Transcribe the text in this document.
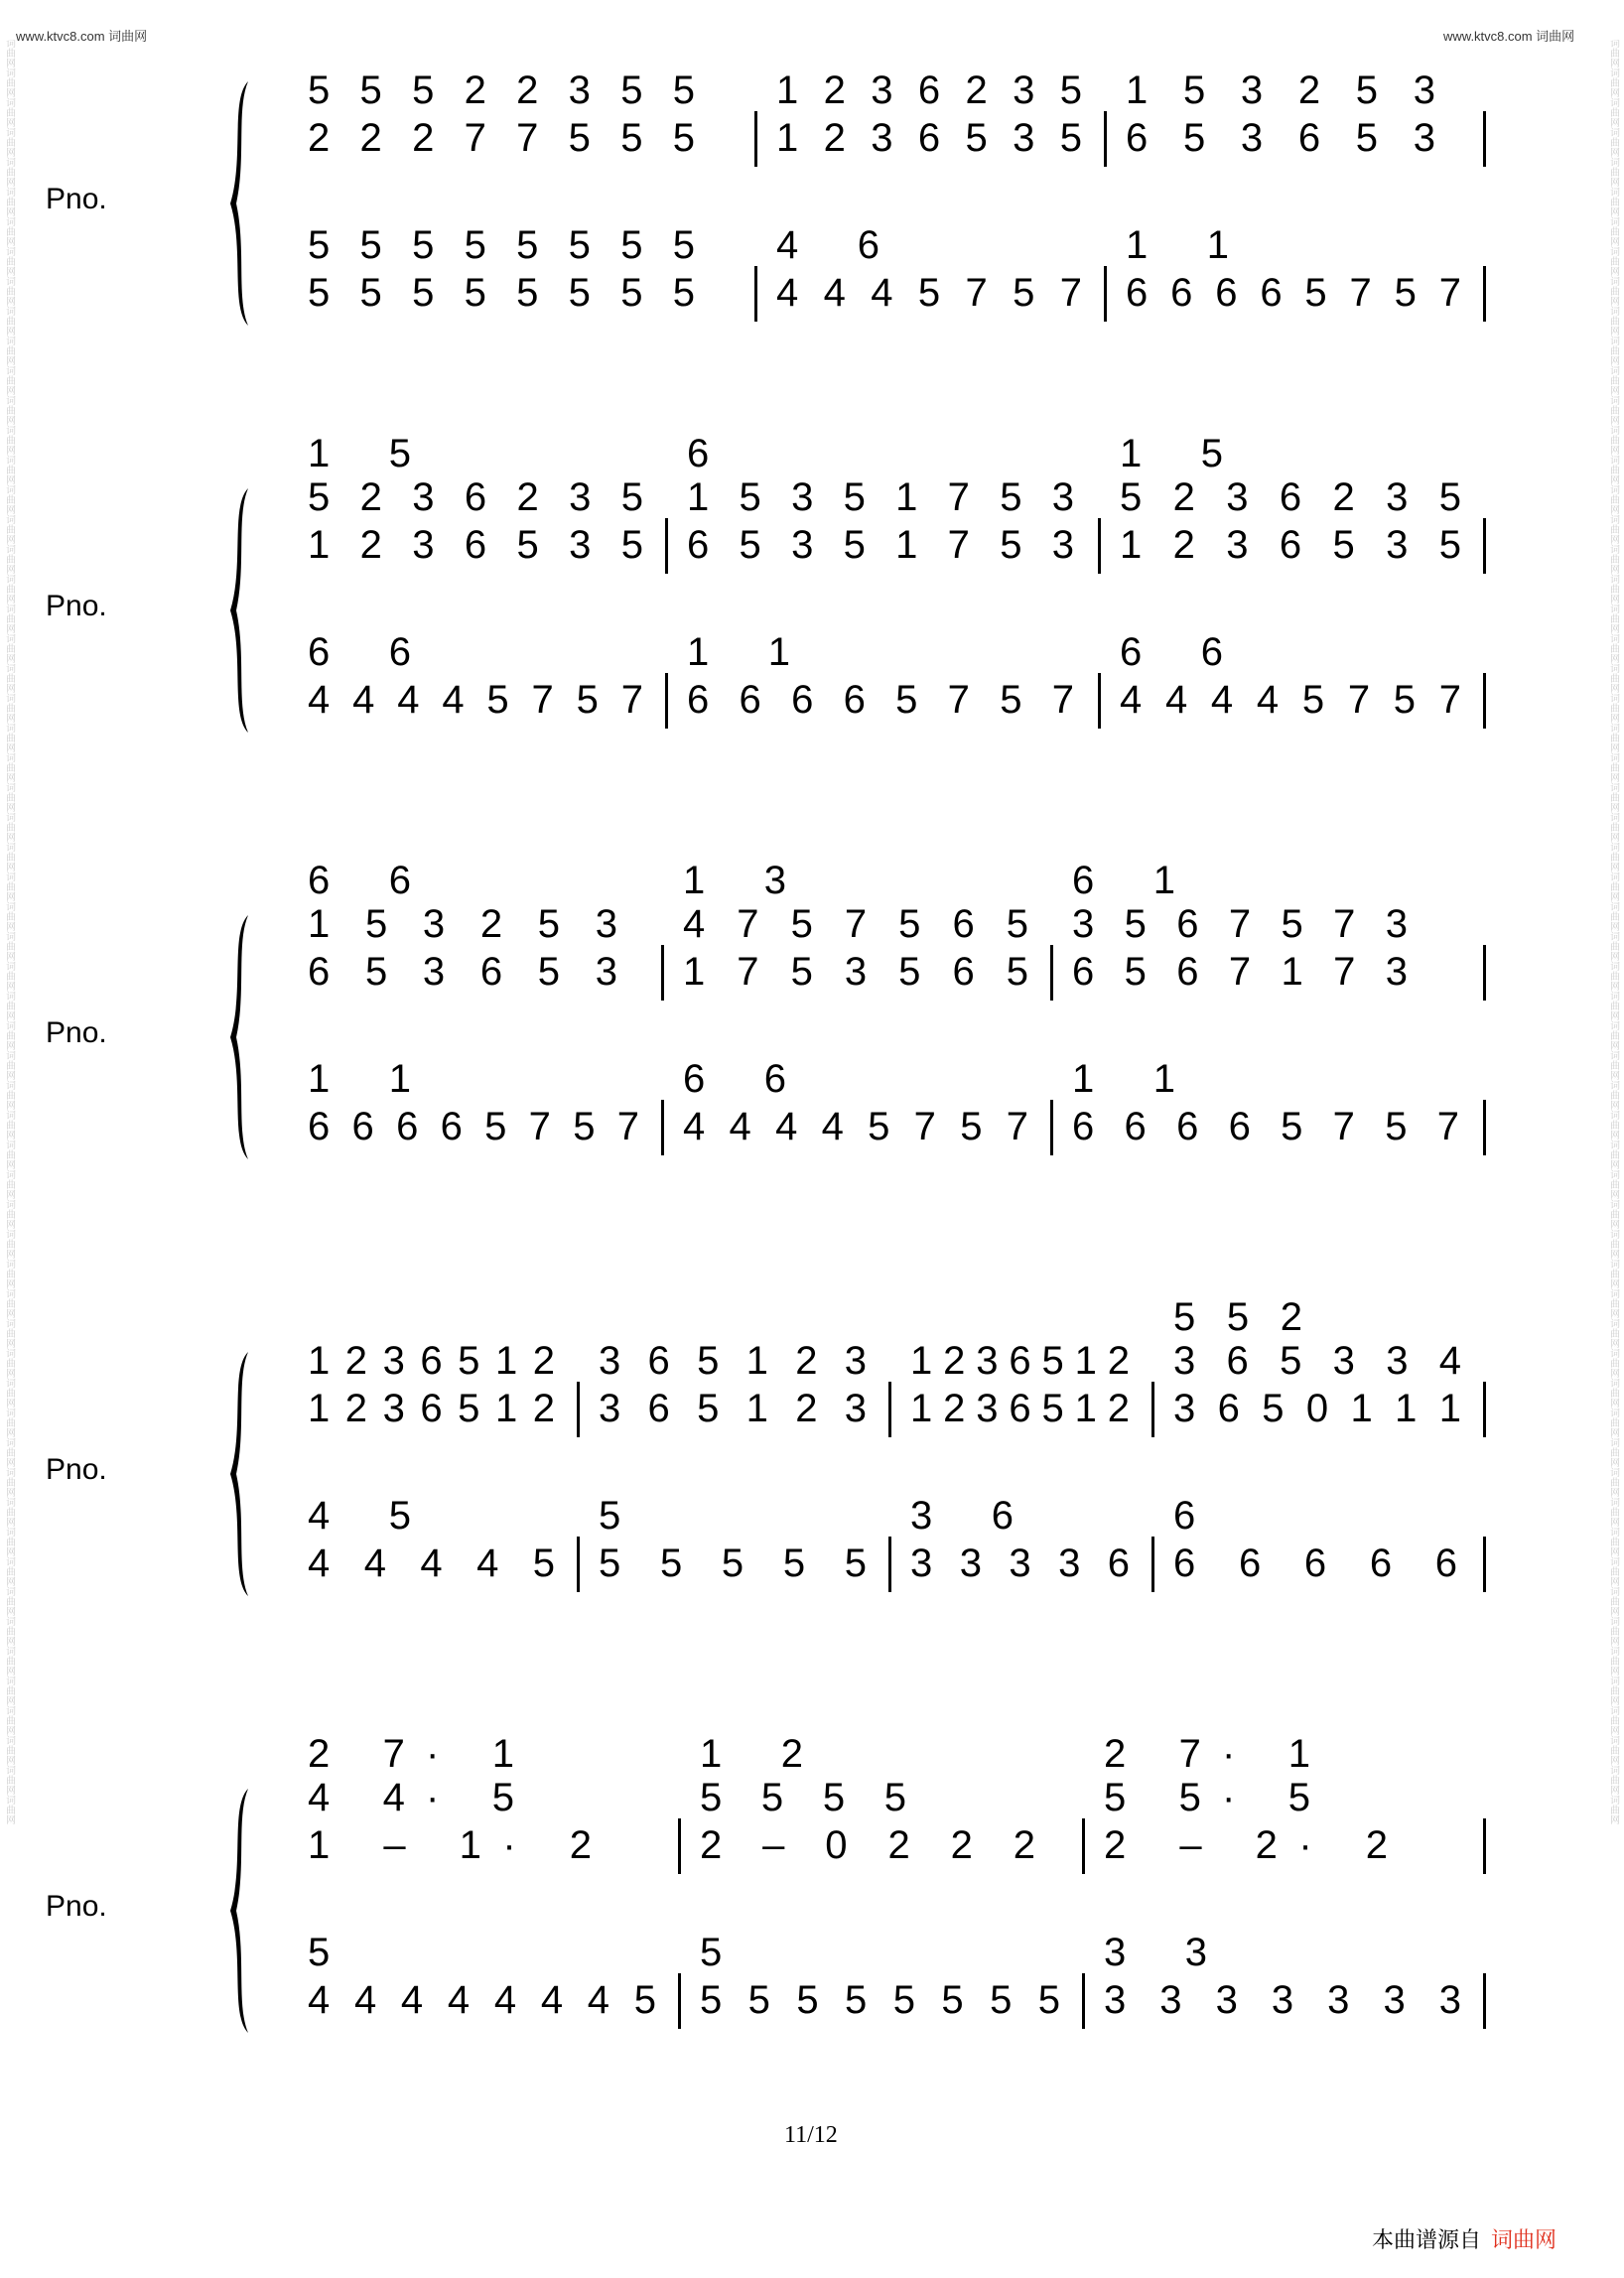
www.ktvc8.com 词曲网	www.ktvc8.com 词曲网
Pno.
5 5 5 2 2 3 5 5
2 2 2 7 7 5 5 5
5 5 5 5 5 5 5 5
5 5 5 5 5 5 5 5
1 2 3 6 2 3 5
1 2 3 6 5 3 5
4 6
4 4 4 5 7 5 7
1 5 3 2 5 3
6 5 3 6 5 3
1 1
6 6 6 6 5 7 5 7
Pno.
1 5
5 2 3 6 2 3 5
1 2 3 6 5 3 5
6 6
4 4 4 4 5 7 5 7
6
1 5 3 5 1 7 5 3
6 5 3 5 1 7 5 3
1 1
6 6 6 6 5 7 5 7
1 5
5 2 3 6 2 3 5
1 2 3 6 5 3 5
6 6
4 4 4 4 5 7 5 7
Pno.
6 6
1 5 3 2 5 3
6 5 3 6 5 3
1 1
6 6 6 6 5 7 5 7
1 3
4 7 5 7 5 6 5
1 7 5 3 5 6 5
6 6
4 4 4 4 5 7 5 7
6 1
3 5 6 7 5 7 3
6 5 6 7 1 7 3
1 1
6 6 6 6 5 7 5 7
Pno.
1 2 3 6 5 1 2
1 2 3 6 5 1 2
4 5
4 4 4 4 5
3 6 5 1 2 3
3 6 5 1 2 3
5
5 5 5 5 5
1 2 3 6 5 1 2
1 2 3 6 5 1 2
3 6
3 3 3 3 6
5 5 2
3 6 5 3 3 4
3 6 5 0 1 1 1
6
6 6 6 6 6
Pno.
2 7· 1
4 4· 5
1 – 1· 2
5
4 4 4 4 4 4 4 5
1 2
5 5 5 5
2 – 0 2 2 2
5
5 5 5 5 5 5 5 5
2 7· 1
5 5· 5
2 – 2· 2
3 3
3 3 3 3 3 3 3
11/12
本曲谱源自 词曲网
词曲网词曲网词曲网词曲网词曲网词曲网词曲网词曲网词曲网词曲网词曲网词曲网词曲网词曲网词曲网词曲网词曲网词曲网词曲网词曲网词曲网词曲网词曲网词曲网词曲网词曲网词曲网词曲网词曲网词曲网词曲网词曲网词曲网词曲网词曲网词曲网词曲网词曲网词曲网词曲网词曲网词曲网词曲网词曲网词曲网词曲网词曲网词曲网词曲网词曲网词曲网词曲网词曲网词曲网词曲网词曲网词曲网词曲网词曲网词曲网
词曲网词曲网词曲网词曲网词曲网词曲网词曲网词曲网词曲网词曲网词曲网词曲网词曲网词曲网词曲网词曲网词曲网词曲网词曲网词曲网词曲网词曲网词曲网词曲网词曲网词曲网词曲网词曲网词曲网词曲网词曲网词曲网词曲网词曲网词曲网词曲网词曲网词曲网词曲网词曲网词曲网词曲网词曲网词曲网词曲网词曲网词曲网词曲网词曲网词曲网词曲网词曲网词曲网词曲网词曲网词曲网词曲网词曲网词曲网词曲网
